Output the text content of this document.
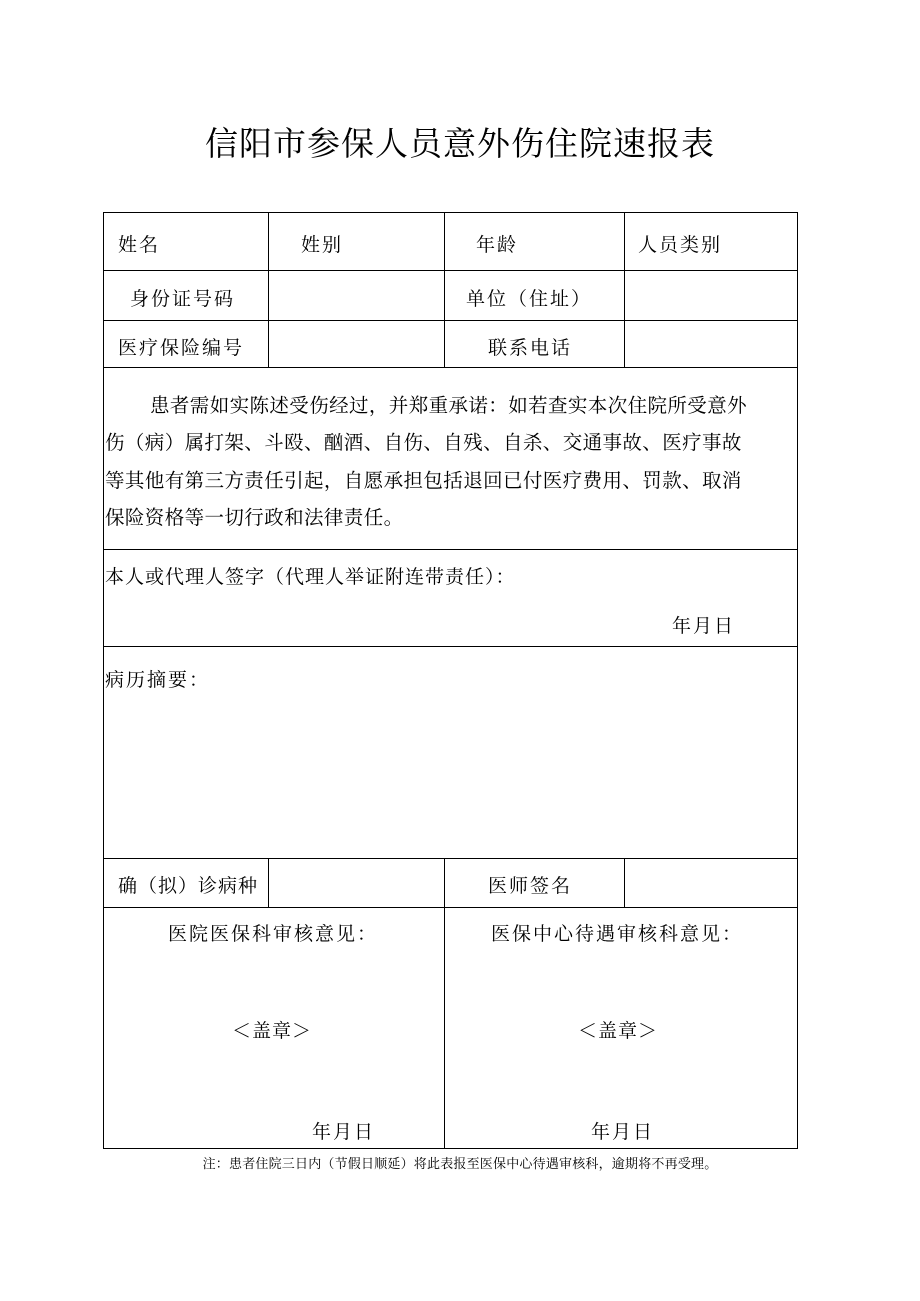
信阳市参保人员意外伤住院速报表
姓名	姓别	年龄	人员类别
身份证号码	单位（住址）
医疗保险编号	联系电话
患者需如实陈述受伤经过，并郑重承诺：如若查实本次住院所受意外
伤（病）属打架、斗殴、酗酒、自伤、自残、自杀、交通事故、医疗事故
等其他有第三方责任引起，自愿承担包括退回已付医疗费用、罚款、取消
保险资格等一切行政和法律责任。
本人或代理人签字（代理人举证附连带责任）：
年月日
病历摘要：
确（拟）诊病种	医师签名
医院医保科审核意见：
＜盖章＞
年月日
医保中心待遇审核科意见：
＜盖章＞
年月日
注：患者住院三日内（节假日顺延）将此表报至医保中心待遇审核科，逾期将不再受理。
